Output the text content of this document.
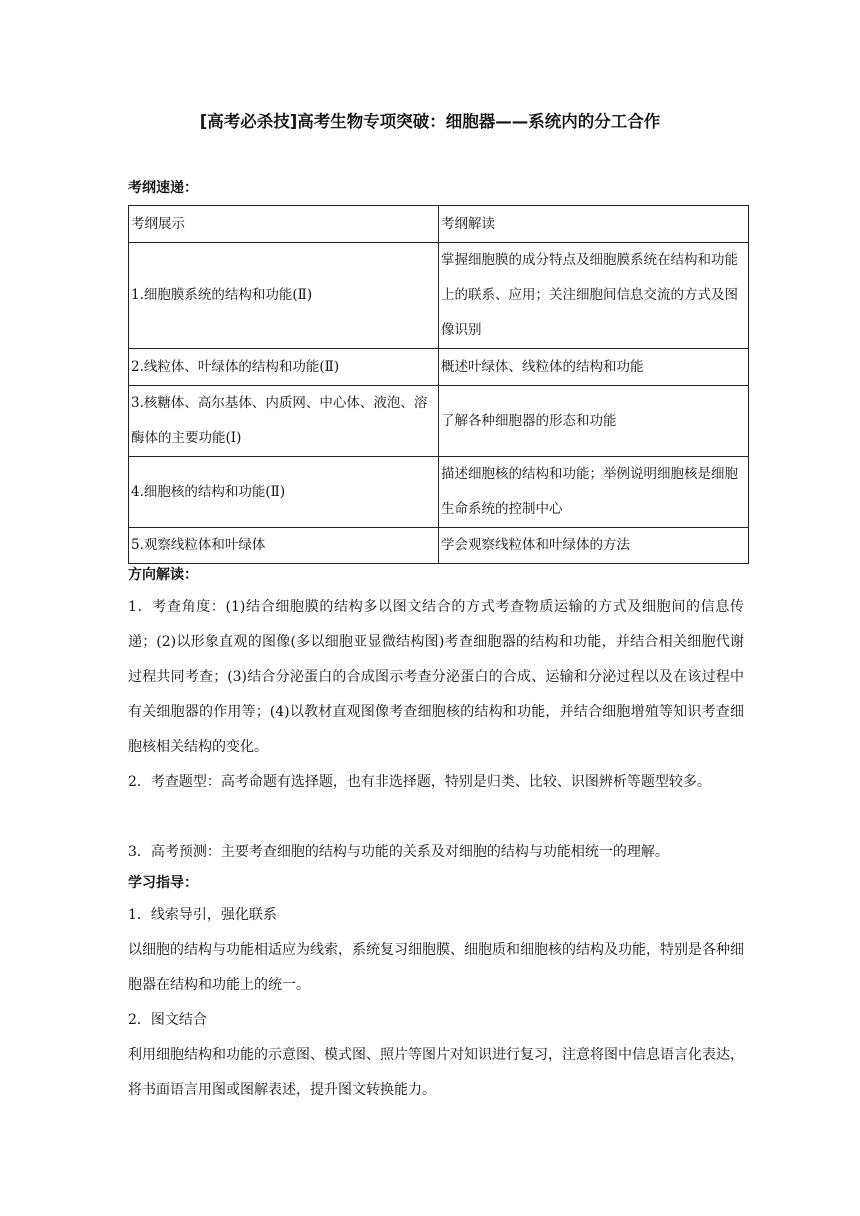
[高考必杀技]高考生物专项突破：细胞器——系统内的分工合作
考纲速递：
考纲展示	考纲解读
1.细胞膜系统的结构和功能(Ⅱ)	掌握细胞膜的成分特点及细胞膜系统在结构和功能上的联系、应用；关注细胞间信息交流的方式及图像识别
2.线粒体、叶绿体的结构和功能(Ⅱ)	概述叶绿体、线粒体的结构和功能
3.核糖体、高尔基体、内质网、中心体、液泡、溶酶体的主要功能(Ⅰ)	了解各种细胞器的形态和功能
4.细胞核的结构和功能(Ⅱ)	描述细胞核的结构和功能；举例说明细胞核是细胞生命系统的控制中心
5.观察线粒体和叶绿体	学会观察线粒体和叶绿体的方法
方向解读：
1．考查角度：(1)结合细胞膜的结构多以图文结合的方式考查物质运输的方式及细胞间的信息传递；(2)以形象直观的图像(多以细胞亚显微结构图)考查细胞器的结构和功能，并结合相关细胞代谢过程共同考查；(3)结合分泌蛋白的合成图示考查分泌蛋白的合成、运输和分泌过程以及在该过程中有关细胞器的作用等；(4)以教材直观图像考查细胞核的结构和功能，并结合细胞增殖等知识考查细胞核相关结构的变化。
2．考查题型：高考命题有选择题，也有非选择题，特别是归类、比较、识图辨析等题型较多。
3．高考预测：主要考查细胞的结构与功能的关系及对细胞的结构与功能相统一的理解。
学习指导：
1．线索导引，强化联系
以细胞的结构与功能相适应为线索，系统复习细胞膜、细胞质和细胞核的结构及功能，特别是各种细胞器在结构和功能上的统一。
2．图文结合
利用细胞结构和功能的示意图、模式图、照片等图片对知识进行复习，注意将图中信息语言化表达，将书面语言用图或图解表述，提升图文转换能力。
